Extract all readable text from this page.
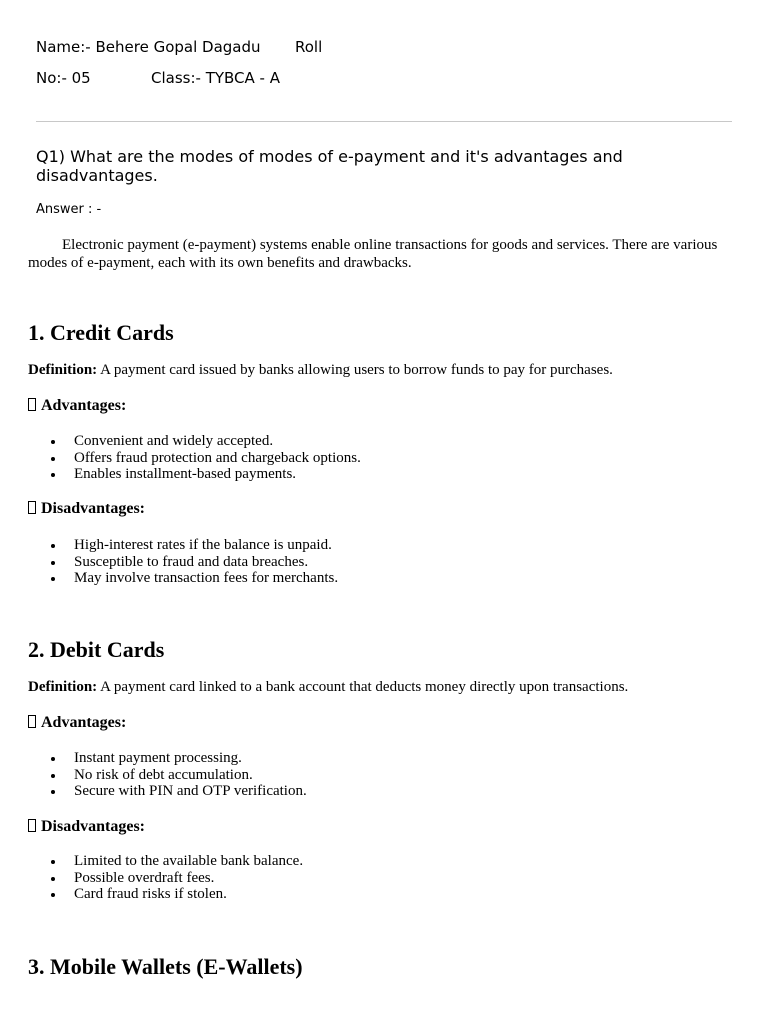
Name:- Behere Gopal Dagadu Roll
No:- 05	Class:- TYBCA - A
Q1) What are the modes of modes of e-payment and it's advantages and disadvantages.
Answer : -
Electronic payment (e-payment) systems enable online transactions for goods and services. There are various modes of e-payment, each with its own benefits and drawbacks.
1. Credit Cards
Definition: A payment card issued by banks allowing users to borrow funds to pay for purchases.
Advantages:
Convenient and widely accepted.
Offers fraud protection and chargeback options.
Enables installment-based payments.
Disadvantages:
High-interest rates if the balance is unpaid.
Susceptible to fraud and data breaches.
May involve transaction fees for merchants.
2. Debit Cards
Definition: A payment card linked to a bank account that deducts money directly upon transactions.
Advantages:
Instant payment processing.
No risk of debt accumulation.
Secure with PIN and OTP verification.
Disadvantages:
Limited to the available bank balance.
Possible overdraft fees.
Card fraud risks if stolen.
3. Mobile Wallets (E-Wallets)
